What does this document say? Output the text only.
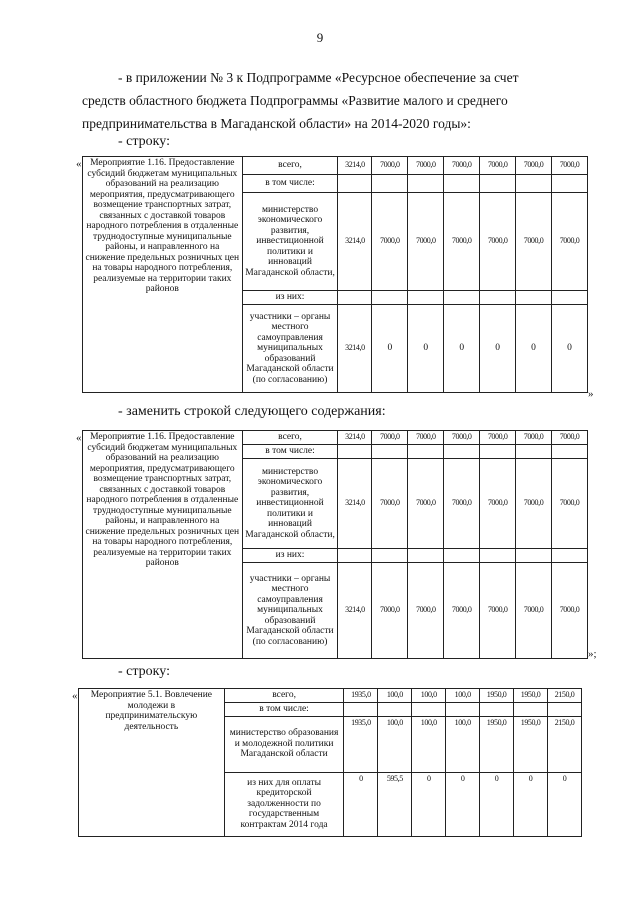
9
- в приложении № 3 к Подпрограмме «Ресурсное обеспечение за счет
средств областного бюджета Подпрограммы «Развитие малого и среднего
предпринимательства в Магаданской области» на 2014-2020 годы»:
- строку:
« Мероприятие 1.16. Предоставление субсидий бюджетам муниципальных образований на реализацию мероприятия, предусматривающего возмещение транспортных затрат, связанных с доставкой товаров народного потребления в отдаленные труднодоступные муниципальные районы, и направленного на снижение предельных розничных цен на товары народного потребления, реализуемые на территории таких районов	всего,	3214,0	7000,0	7000,0	7000,0	7000,0	7000,0	7000,0
	в том числе:							
	министерство экономического развития, инвестиционной политики и инноваций Магаданской области,	3214,0	7000,0	7000,0	7000,0	7000,0	7000,0	7000,0
	из них:							
	участники – органы местного самоуправления муниципальных образований Магаданской области (по согласованию)	3214,0	0	0	0	0	0	0
»
- заменить строкой следующего содержания:
« Мероприятие 1.16. Предоставление субсидий бюджетам муниципальных образований на реализацию мероприятия, предусматривающего возмещение транспортных затрат, связанных с доставкой товаров народного потребления в отдаленные труднодоступные муниципальные районы, и направленного на снижение предельных розничных цен на товары народного потребления, реализуемые на территории таких районов	всего,	3214,0	7000,0	7000,0	7000,0	7000,0	7000,0	7000,0
	в том числе:							
	министерство экономического развития, инвестиционной политики и инноваций Магаданской области,	3214,0	7000,0	7000,0	7000,0	7000,0	7000,0	7000,0
	из них:							
	участники – органы местного самоуправления муниципальных образований Магаданской области (по согласованию)	3214,0	7000,0	7000,0	7000,0	7000,0	7000,0	7000,0
»;
- строку:
« Мероприятие 5.1. Вовлечение молодежи в предпринимательскую деятельность	всего,	1935,0	100,0	100,0	100,0	1950,0	1950,0	2150,0
	в том числе:							
	министерство образования и молодежной политики Магаданской области	1935,0	100,0	100,0	100,0	1950,0	1950,0	2150,0
	из них для оплаты кредиторской задолженности по государственным контрактам 2014 года	0	595,5	0	0	0	0	0
